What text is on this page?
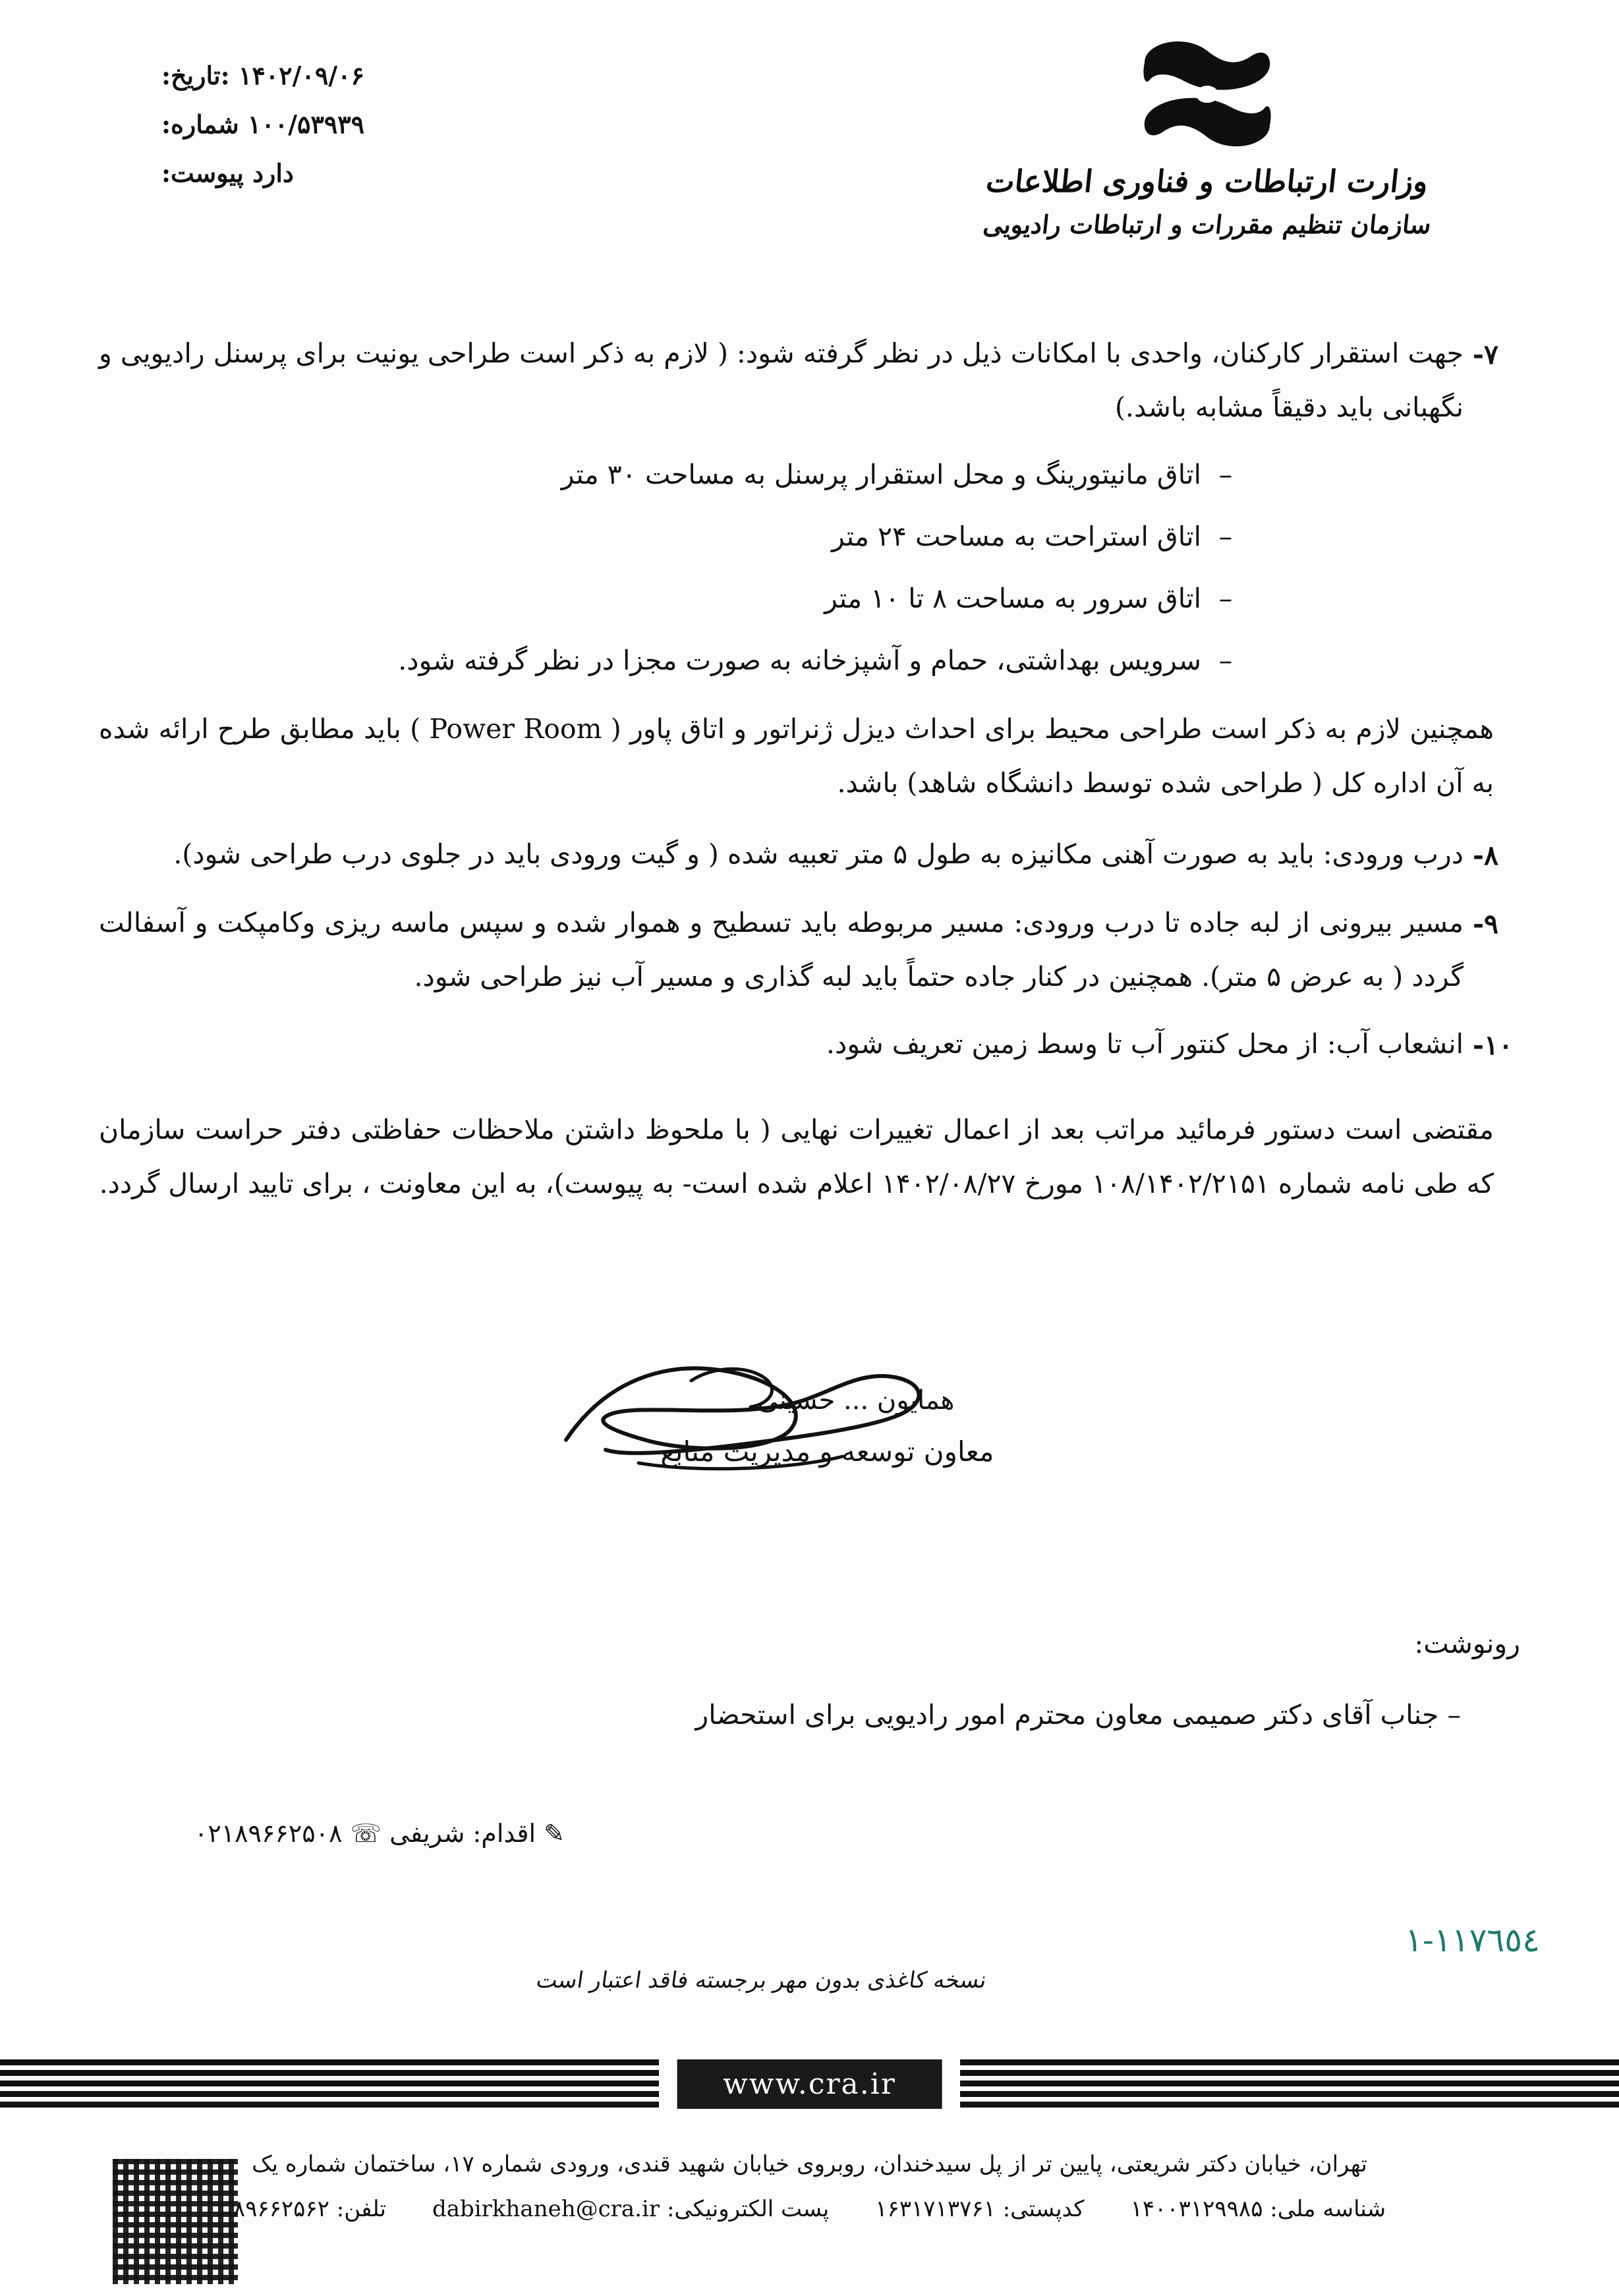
۱۴۰۲/۰۹/۰۶ :تاریخ:
۱۰۰/۵۳۹۳۹ شماره:
دارد پیوست:	وزارت ارتباطات و فناوری اطلاعات
سازمان تنظیم مقررات و ارتباطات رادیویی
۷-
جهت استقرار کارکنان، واحدی با امکانات ذیل در نظر گرفته شود: ( لازم به ذکر است طراحی یونیت برای پرسنل رادیویی و نگهبانی باید دقیقاً مشابه باشد.)
–
اتاق مانیتورینگ و محل استقرار پرسنل به مساحت ۳۰ متر
–
اتاق استراحت به مساحت ۲۴ متر
–
اتاق سرور به مساحت ۸ تا ۱۰ متر
–
سرویس بهداشتی، حمام و آشپزخانه به صورت مجزا در نظر گرفته شود.
همچنین لازم به ذکر است طراحی محیط برای احداث دیزل ژنراتور و اتاق پاور ( Power Room ) باید مطابق طرح ارائه شده به آن اداره کل ( طراحی شده توسط دانشگاه شاهد) باشد.
۸-
درب ورودی: باید به صورت آهنی مکانیزه به طول ۵ متر تعبیه شده ( و گیت ورودی باید در جلوی درب طراحی شود).
۹-
مسیر بیرونی از لبه جاده تا درب ورودی: مسیر مربوطه باید تسطیح و هموار شده و سپس ماسه ریزی وکامپکت و آسفالت گردد ( به عرض ۵ متر). همچنین در کنار جاده حتماً باید لبه گذاری و مسیر آب نیز طراحی شود.
۱۰-
انشعاب آب: از محل کنتور آب تا وسط زمین تعریف شود.
مقتضی است دستور فرمائید مراتب بعد از اعمال تغییرات نهایی ( با ملحوظ داشتن ملاحظات حفاظتی دفتر حراست سازمان که طی نامه شماره ۱۰۸/۱۴۰۲/۲۱۵۱ مورخ ۱۴۰۲/۰۸/۲۷ اعلام شده است- به پیوست)، به این معاونت ، برای تایید ارسال گردد.
همایون ... حسینی
معاون توسعه و مدیریت منابع
رونوشت:
– جناب آقای دکتر صمیمی معاون محترم امور رادیویی برای استحضار
✎ اقدام: شریفی ☏ ۰۲۱۸۹۶۶۲۵۰۸
۱۱۷٦٥٤-۱
نسخه کاغذی بدون مهر برجسته فاقد اعتبار است
www.cra.ir
تهران، خیابان دکتر شریعتی، پایین تر از پل سیدخندان، روبروی خیابان شهید قندی، ورودی شماره ۱۷، ساختمان شماره یک
شناسه ملی: ۱۴۰۰۳۱۲۹۹۸۵
کدپستی: ۱۶۳۱۷۱۳۷۶۱
پست الکترونیکی: dabirkhaneh@cra.ir
تلفن: ۸۹۶۶۲۵۶۲
